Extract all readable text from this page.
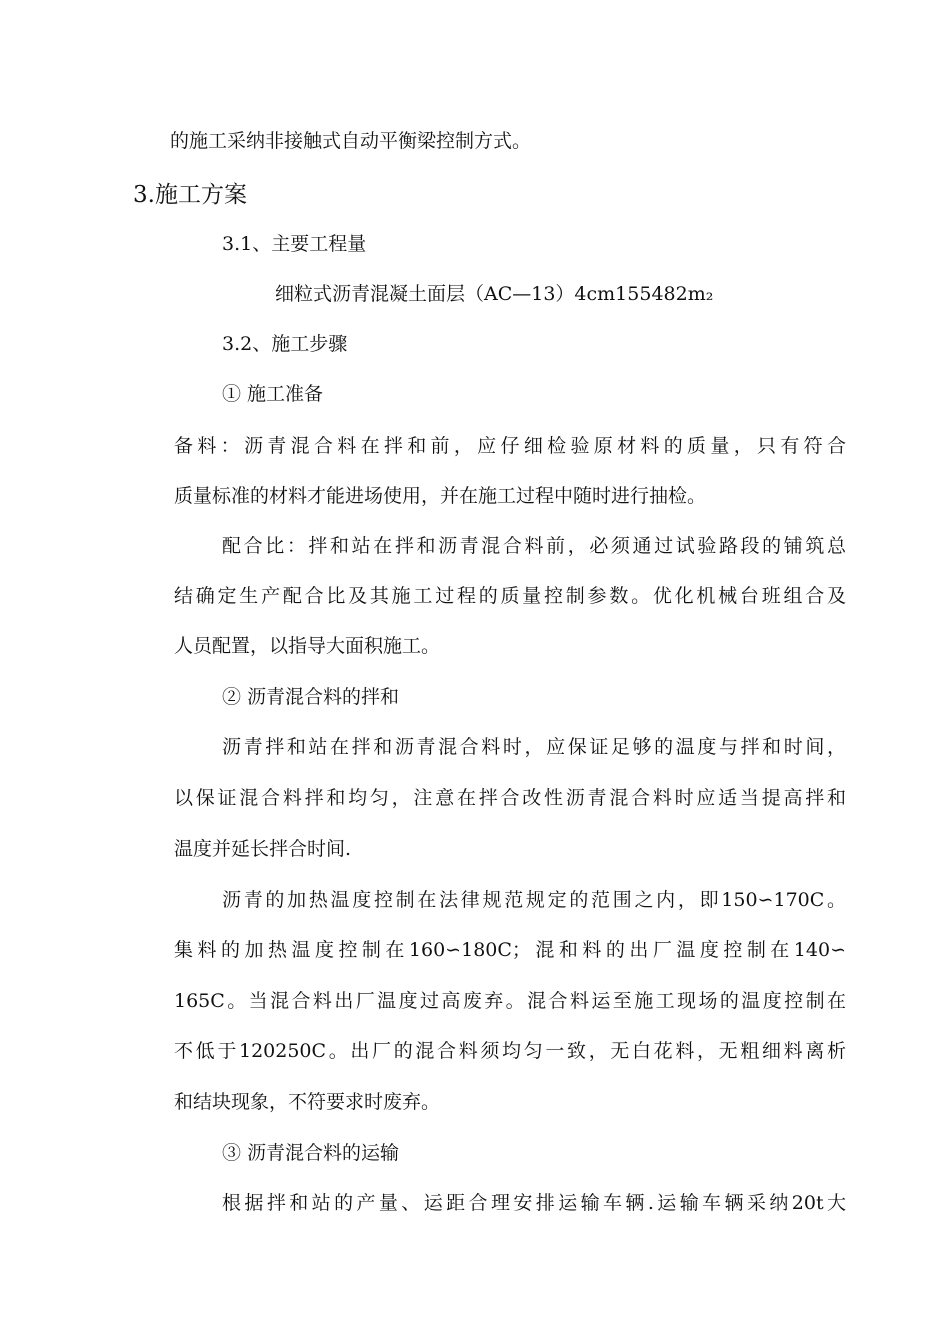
的施工采纳非接触式自动平衡梁控制方式。
3.施工方案
3.1、主要工程量
细粒式沥青混凝土面层（AC—13）4cm155482m₂
3.2、施工步骤
① 施工准备
备料：沥青混合料在拌和前，应仔细检验原材料的质量，只有符合
质量标准的材料才能进场使用，并在施工过程中随时进行抽检。
配合比：拌和站在拌和沥青混合料前，必须通过试验路段的铺筑总
结确定生产配合比及其施工过程的质量控制参数。优化机械台班组合及
人员配置，以指导大面积施工。
② 沥青混合料的拌和
沥青拌和站在拌和沥青混合料时，应保证足够的温度与拌和时间，
以保证混合料拌和均匀，注意在拌合改性沥青混合料时应适当提高拌和
温度并延长拌合时间.
沥青的加热温度控制在法律规范规定的范围之内，即150∽170C。
集料的加热温度控制在160∽180C；混和料的出厂温度控制在140∽
165C。当混合料出厂温度过高废弃。混合料运至施工现场的温度控制在
不低于120250C。出厂的混合料须均匀一致，无白花料，无粗细料离析
和结块现象，不符要求时废弃。
③ 沥青混合料的运输
根据拌和站的产量、运距合理安排运输车辆.运输车辆采纳20t大
